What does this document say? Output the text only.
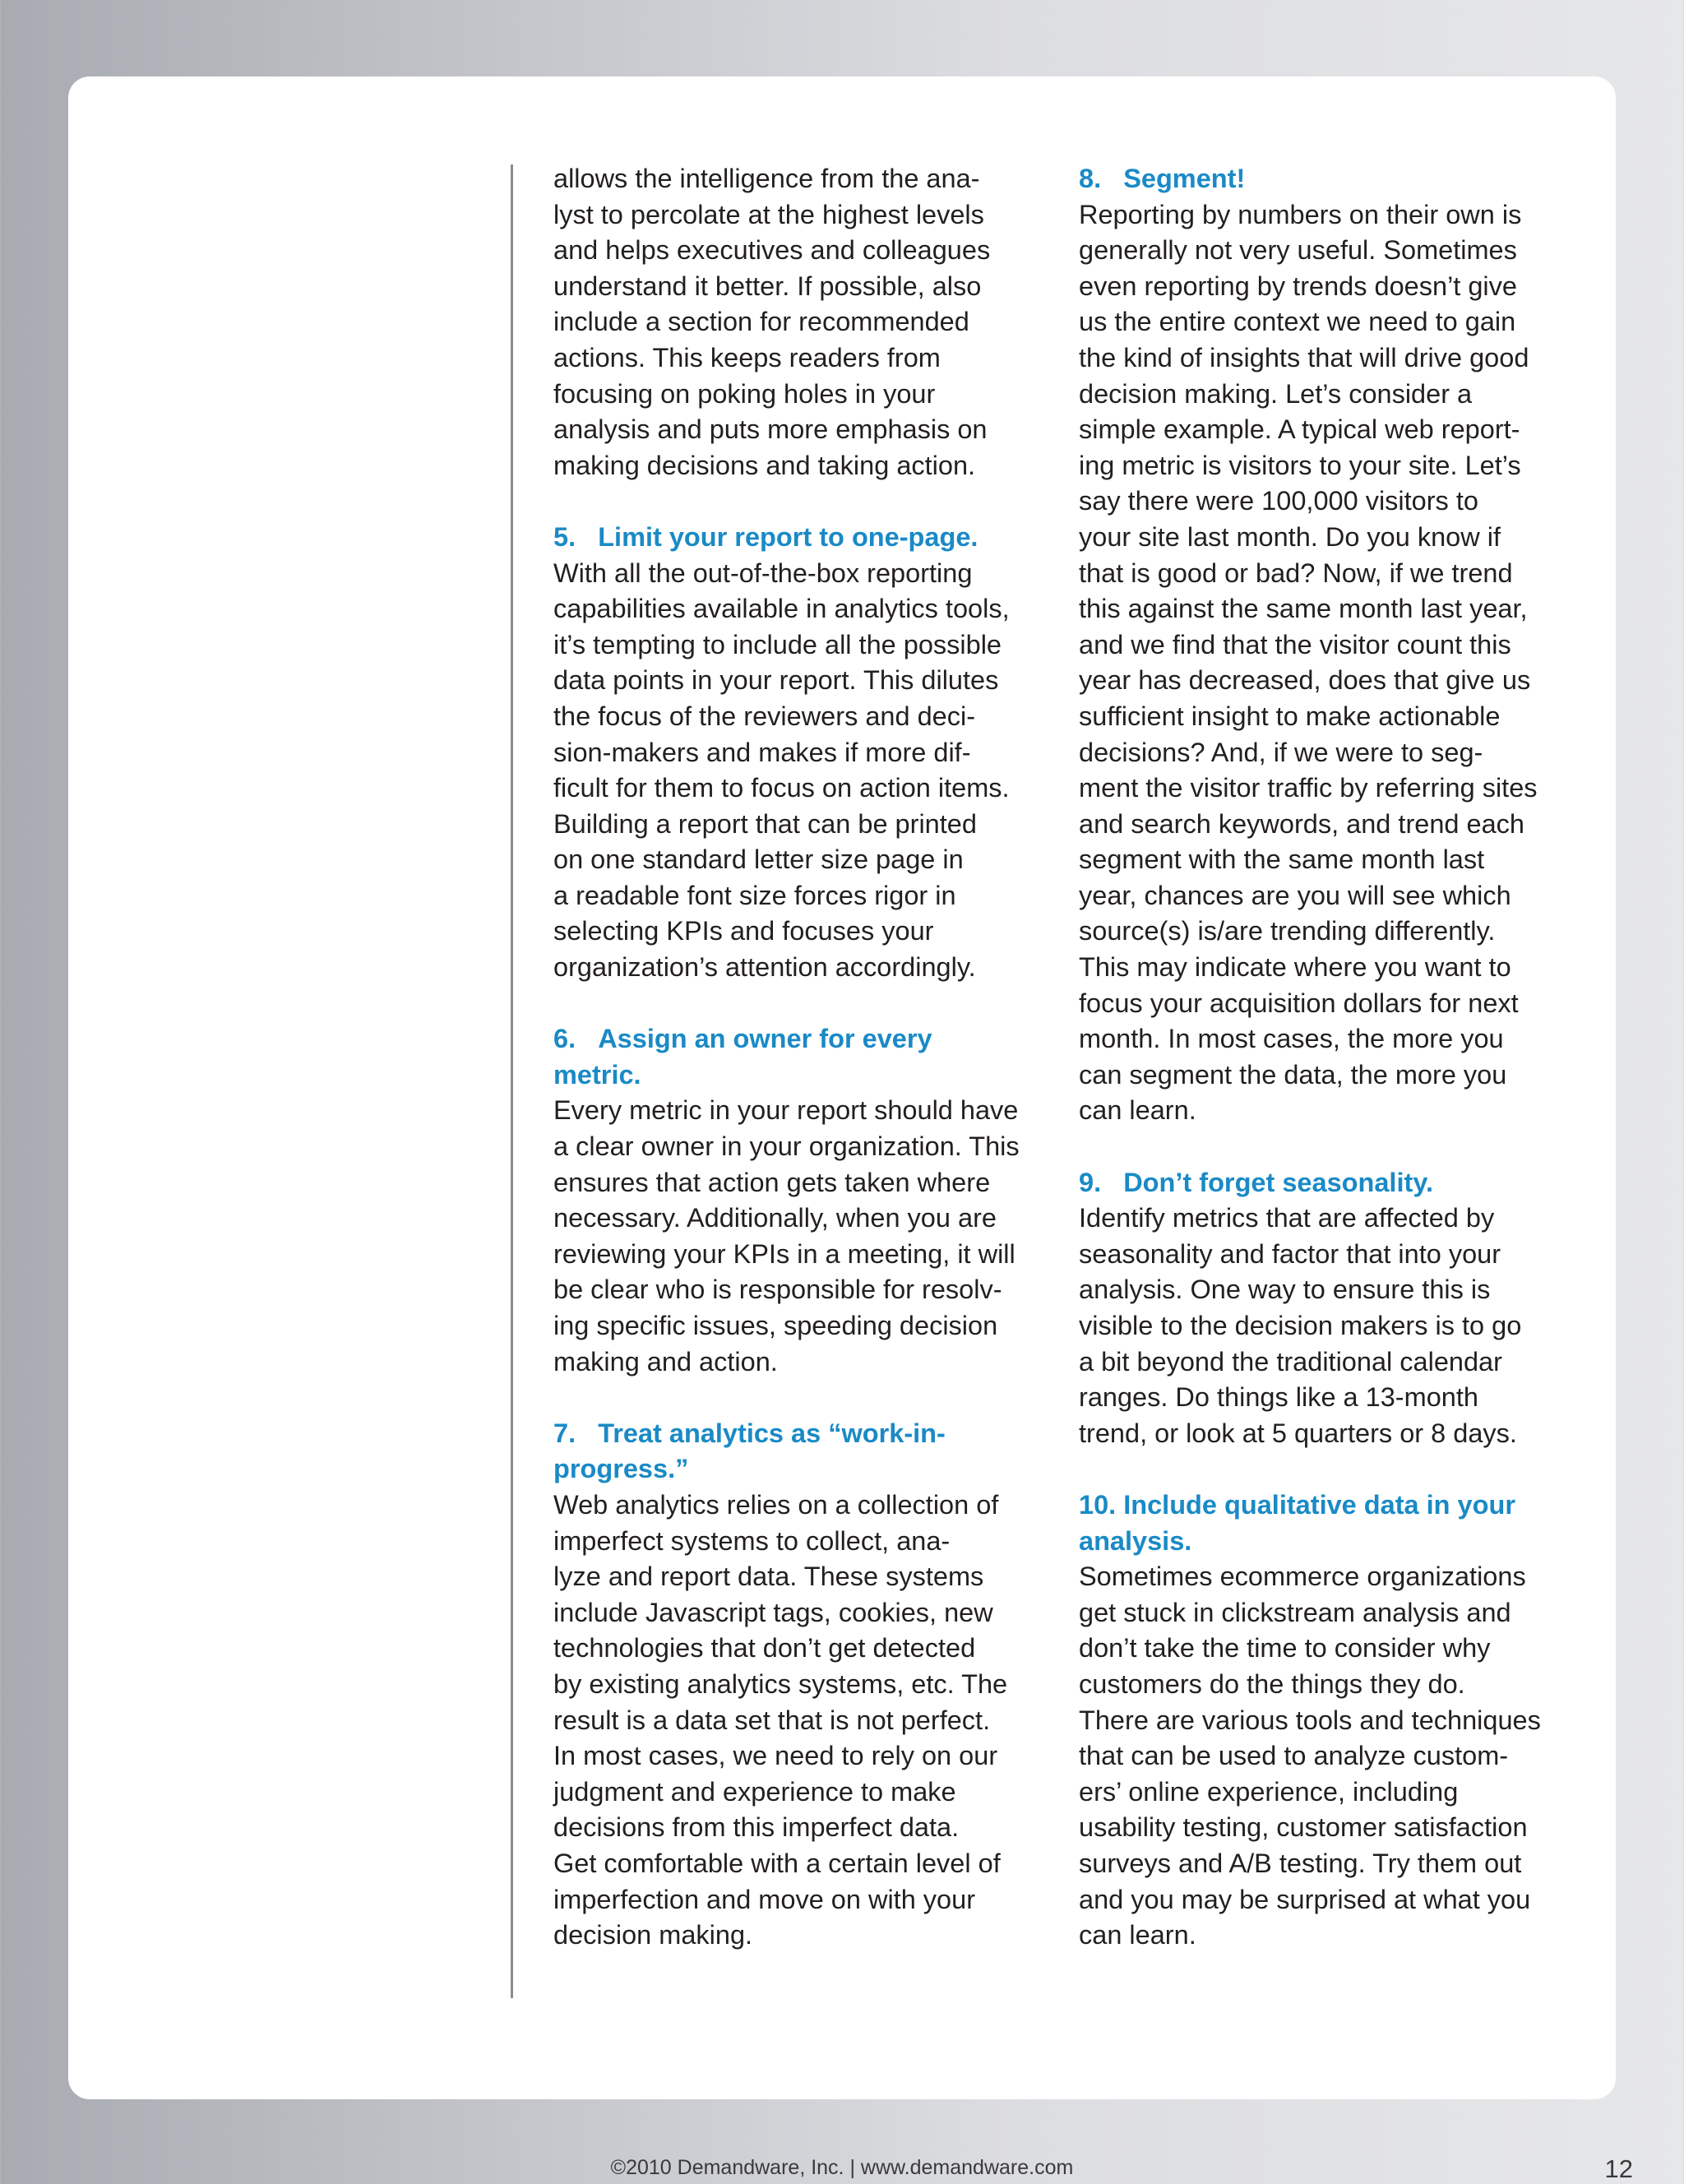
allows the intelligence from the ana-
lyst to percolate at the highest levels
and helps executives and colleagues
understand it better. If possible, also
include a section for recommended
actions. This keeps readers from
focusing on poking holes in your
analysis and puts more emphasis on
making decisions and taking action.
5.   Limit your report to one-page.
With all the out-of-the-box reporting
capabilities available in analytics tools,
it’s tempting to include all the possible
data points in your report. This dilutes
the focus of the reviewers and deci-
sion-makers and makes if more dif-
ficult for them to focus on action items.
Building a report that can be printed
on one standard letter size page in
a readable font size forces rigor in
selecting KPIs and focuses your
organization’s attention accordingly.
6.   Assign an owner for every
metric.
Every metric in your report should have
a clear owner in your organization. This
ensures that action gets taken where
necessary. Additionally, when you are
reviewing your KPIs in a meeting, it will
be clear who is responsible for resolv-
ing specific issues, speeding decision
making and action.
7.   Treat analytics as “work-in-
progress.”
Web analytics relies on a collection of
imperfect systems to collect, ana-
lyze and report data. These systems
include Javascript tags, cookies, new
technologies that don’t get detected
by existing analytics systems, etc. The
result is a data set that is not perfect.
In most cases, we need to rely on our
judgment and experience to make
decisions from this imperfect data.
Get comfortable with a certain level of
imperfection and move on with your
decision making.
8.   Segment!
Reporting by numbers on their own is
generally not very useful. Sometimes
even reporting by trends doesn’t give
us the entire context we need to gain
the kind of insights that will drive good
decision making. Let’s consider a
simple example. A typical web report-
ing metric is visitors to your site. Let’s
say there were 100,000 visitors to
your site last month. Do you know if
that is good or bad? Now, if we trend
this against the same month last year,
and we find that the visitor count this
year has decreased, does that give us
sufficient insight to make actionable
decisions? And, if we were to seg-
ment the visitor traffic by referring sites
and search keywords, and trend each
segment with the same month last
year, chances are you will see which
source(s) is/are trending differently.
This may indicate where you want to
focus your acquisition dollars for next
month. In most cases, the more you
can segment the data, the more you
can learn.
9.   Don’t forget seasonality.
Identify metrics that are affected by
seasonality and factor that into your
analysis. One way to ensure this is
visible to the decision makers is to go
a bit beyond the traditional calendar
ranges. Do things like a 13-month
trend, or look at 5 quarters or 8 days.
10. Include qualitative data in your
analysis.
Sometimes ecommerce organizations
get stuck in clickstream analysis and
don’t take the time to consider why
customers do the things they do.
There are various tools and techniques
that can be used to analyze custom-
ers’ online experience, including
usability testing, customer satisfaction
surveys and A/B testing. Try them out
and you may be surprised at what you
can learn.
©2010 Demandware, Inc. | www.demandware.com	12
